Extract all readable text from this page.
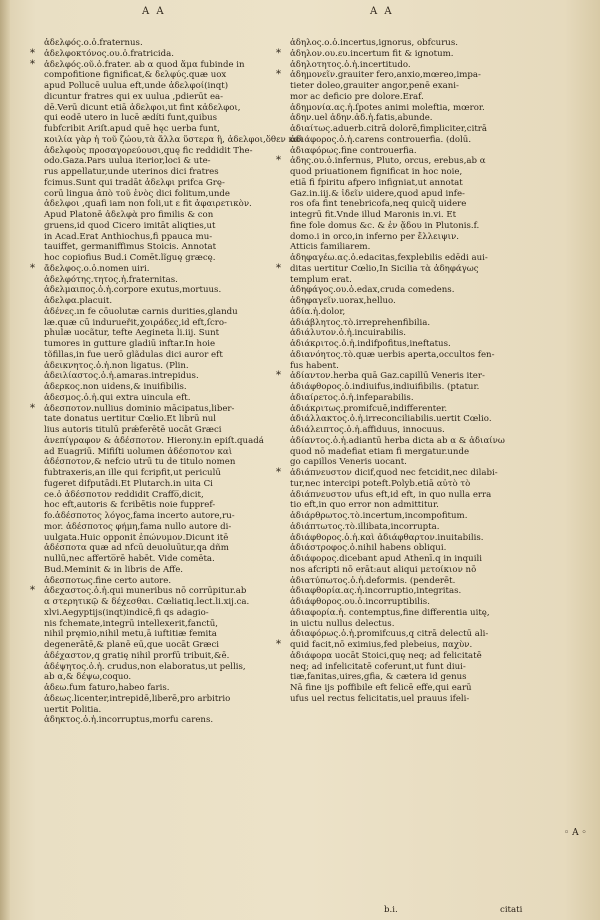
A A	A A
ἀδελφός.ο.ὁ.fraternus.
* ἀδελφοκτόνος.ου.ὁ.fratricida.
* ἀδελφός.οῦ.ὁ.frater. ab α quod ἅμα fubinde in
compofitione fignificat,& δελφύς.quæ uox
apud Pollucē uulua eft,unde ἀδελφοί(inqt)
dicuntur fratres qui ex uulua ,pdierūt ea-
dē.Verū dicunt etiā ἀδελφοι,ut fint κἀδελφοι,
qui eodē utero in lucē ædíti funt,quibus
fubfcribit Ariſt.apud quē hęc uerba funt,
κοιλία γὰρ ἡ τοῦ ζώου,τὰ ἄλλα ὕστερα ἢ, ἀδελφοι,ὅθεν καὶ
ἀδελφοὺς προσαγορεύουσι,quę fic reddidit The-
odo.Gaza.Pars uulua iterior,loci & ute-
rus appellatur,unde uterinos dici fratres
fcimus.Sunt qui tradāt ἀδελφι prifca Grę-
corū lingua ἀπὸ τοῦ ἑνὸς dici folitum,unde
ἀδελφοι ,quafi iam non foli,ut ε fit ἀφαιρετικὸν.
Apud Platonē ἀδελφὰ pro fimilis & con
gruens,id quod Cicero imitāt aliqties,ut
in Acad.Erat Anthiochus,fi ppauca mu-
tauiffet, germaniffimus Stoicis. Annotat
hoc copiofius Bud.i Comēt.lĩguę græcę.
* ἄδελφος.ο.ὁ.nomen uiri.
ἀδελφότης.τητος.ἡ.fraternitas.
ἀδελμαιπος.ὁ.ἡ.corpore exutus,mortuus.
ἀδελφα.placuit.
ἀδένες.ın fe cōuolutæ carnis durities,glandu
læ.quæ cū indurueřit,χοιράδες,id eft,ſcro-
phulæ uocãtur, tefte Aegineta li.iij. Sunt
tumores in gutture gladiū inftar.In hoie
tõfillas,in fue uerō glãdulas dici auror eft
ἀδεικνητος.ὁ.ἡ.non ligatus. (Plin.
ἀδειλίαστος.ὁ.ἡ.amaras.intrepidus.
ἀδερκος.non uidens,& inuifibilis.
ἀδεσμος.ὁ.ἡ.qui extra uincula eft.
* ἀδεσποτον.nullius dominio mācipatus,liber-
tate donatus uertitur Cœlio.Et librū nul
lius autoris titulū prǽferētē uocāt Græci
ἀνεπίγραφον & ἀδέσποτον. Hierony.in epiſt.quadá
ad Euagriū. Mifiſti uolumen ἀδέσποτον καὶ
ἀδέσποτον,& nefcio utrū tu de titulo nomen
fubtraxeris,an ille qui fcripfit,ut periculū
fugeret difputādi.Et Plutarch.in uita Ci
ce.ὁ ἀδέσποτον reddidit Craffo̅,dicit,
hoc eft,autoris & fcribētis noie fuppref-
fo.ἀδέσποτος λόγος,fama incerto autore,ru-
mor. ἀδέσποτος φήμη,fama nullo autore di-
uulgata.Huic opponit ἐπώνυμον.Dicunt itē
ἀδέσποτα quæ ad nfcū deuoluūtur,qa dñm
nullū,nec afferto̅rē habēt. Vide comēta.
Bud.Meminit & in libris de Affe.
ἀδεσποτως.fine certo autore.
* ἀδεχαστος.ὁ.ἡ.qui muneribus nō corrūpitur.ab
α στερητικῷ & δέχεσθαι. Cœliatiq.lect.li.xij.ca.
xlvi.Aegyptijs(inqt)indicē,fi qs adagio-
nis fchemate,integrū intellexerit,fanctū,
nihil pręmio,nihil metu,ā iuftitiæ femita
degenerātē,& planē eū,que uocāt Græci
ἀδέχαστον,q gratię nihil prorfū tribuit,&ē.
ἀδέψητος.ὁ.ἡ. crudus,non elaboratus,ut pellis,
ab α,& δέψω,coquo.
ἀδεω.fum faturo,habeo faris.
ἀδεως.licenter,intrepidē,liberē,pro arbitrio
uertit Politia.
ἀδηκτος.ὁ.ἡ.incorruptus,morfu carens.
ἀδηλος.ο.ὁ.incertus,ignorus, obfcurus.
* ἀδηλον.ου.ευ.incertum fit & ignotum.
ἀδηλοτητος.ὁ.ἡ.incertitudo.
* ἀδημονεῖν.grauiter ferο,anxio,mœreo,impa-
tieter doleo,grauiter angor,penē exani-
mor ac deficio pre dolore.Eraf.
ἀδημονία.ας.ἡ.ſpotes animi moleftia, mœror.
ἀδην.uel ἀδην.ἀδ.ἡ.fatis,abunde.
ἀδιαίτως.aduerb.citrā dolorē,fimpliciter,citrā
ἀδιάφορος.ὁ.ἡ.carens controuerfia. (dolū.
ἀδιαφόρως.fine controuerfia.
* ἀδης.ου.ὁ.infernus, Pluto, orcus, erebus,ab α
quod priuationem fignificat in hoc noie,
etiā fi fpiritu afpero infigniat,ut annotat
Gaz.in.iij.& ἰδεῖν uidere,quod apud infe-
ros ofa fint tenebricofa,neq quicq̃ uidere
integrū fit.Vnde illud Maronis in.vi. Et
fine fole domus &c. & ἐν ᾅδου in Plutonis.f.
domo.i in orco,in inferno per ἔλλειψιν.
Atticis familiarem.
ἀδηφαγέω.ας.ὁ.edacitas,fexplebilis edēdi aui-
* ditas uertitur Cœlio,In Sicilia τὰ ἀδηφάγως
templum erat.
ἀδηφάγος.ου.ὁ.edax,cruda comedens.
ἀδηφαγεῖν.uorax,helluo.
ἀδία.ἡ.dolor,
ἀδιάβλητος.τὸ.irreprehenfibilia.
ἀδιάλυτον.ὁ.ἡ.incuirabilis.
ἀδιάκριτος.ὁ.ἡ.indifpofitus,ineftatus.
ἀδιανόητος.τὸ.quæ uerbis aperta,occultos fen-
fus habent.
* ἀδίαντον.herba quā Gaz.capillū Veneris iter-
ἀδιάφθορος.ὁ.indiuifus,indiuifibilis. (ptatur.
ἀδιαίρετος.ὁ.ἡ.infeparabilis.
ἀδιάκριτως.promifcuē,indifferenter.
ἀδιάλλακτος.ὁ.ἡ.irreconciliabilis.uertit Cœlio.
ἀδιάλειπτος.ὁ.ἡ.affiduus, innocuus.
ἀδίαντος.ὁ.ἡ.adiantū herba dicta ab α & ἀδιαίνω
quod nō madefiat etiam fi mergatur.unde
go capillos Veneris uocant.
* ἀδιάπνευστον dicif,quod nec fetcidit,nec dilabi-
tur,nec intercipi poteft.Polyb.etiā αὐτὸ τὸ
ἀδιάπνευστον ufus eft,id eft, in quo nulla erra
tio eft,in quo error non admittitur.
ἀδιάρθρωτος.τὸ.incertum,incompofitum.
ἀδιάπτωτος.τὸ.illibata,incorrupta.
ἀδιάφθορος.ὁ.ἡ.καὶ ἀδιάφθαρτον.inuitabilis.
ἀδιάστροφος.ὁ.nihil habens obliqui.
ἀδιάφορος.dicebant apud Athenī.q in inquili
nos afcripti nō erāt:aut aliqui μετοίκιον nō
ἀδιατύπωτος.ὁ.ἡ.deformis. (penderēt.
ἀδιαφθορία.ας.ἡ.incorruptio,integritas.
ἀδιάφθορος.ου.ὁ.incorruptibilis.
ἀδιαφορία.ἡ. contemptus,fine differentia uitę,
in uictu nullus delectus.
ἀδιαφόρως.ὁ.ἡ.promifcuus,q citrā delectū ali-
* quid facit,nō eximius,fed plebeius, παχὺν.
ἀδιάφορα uocāt Stoici,quę neq; ad felicitatē
neq; ad infelicitatē coferunt,ut funt diui-
tiæ,fanitas,uires,gfia, & cætera id genus
Nā fine ijs poffibile eft felicē effe,qui earū
ufus uel rectus felicitatis,uel prauus ifeli-
◦ A ◦
b.i.	citati
